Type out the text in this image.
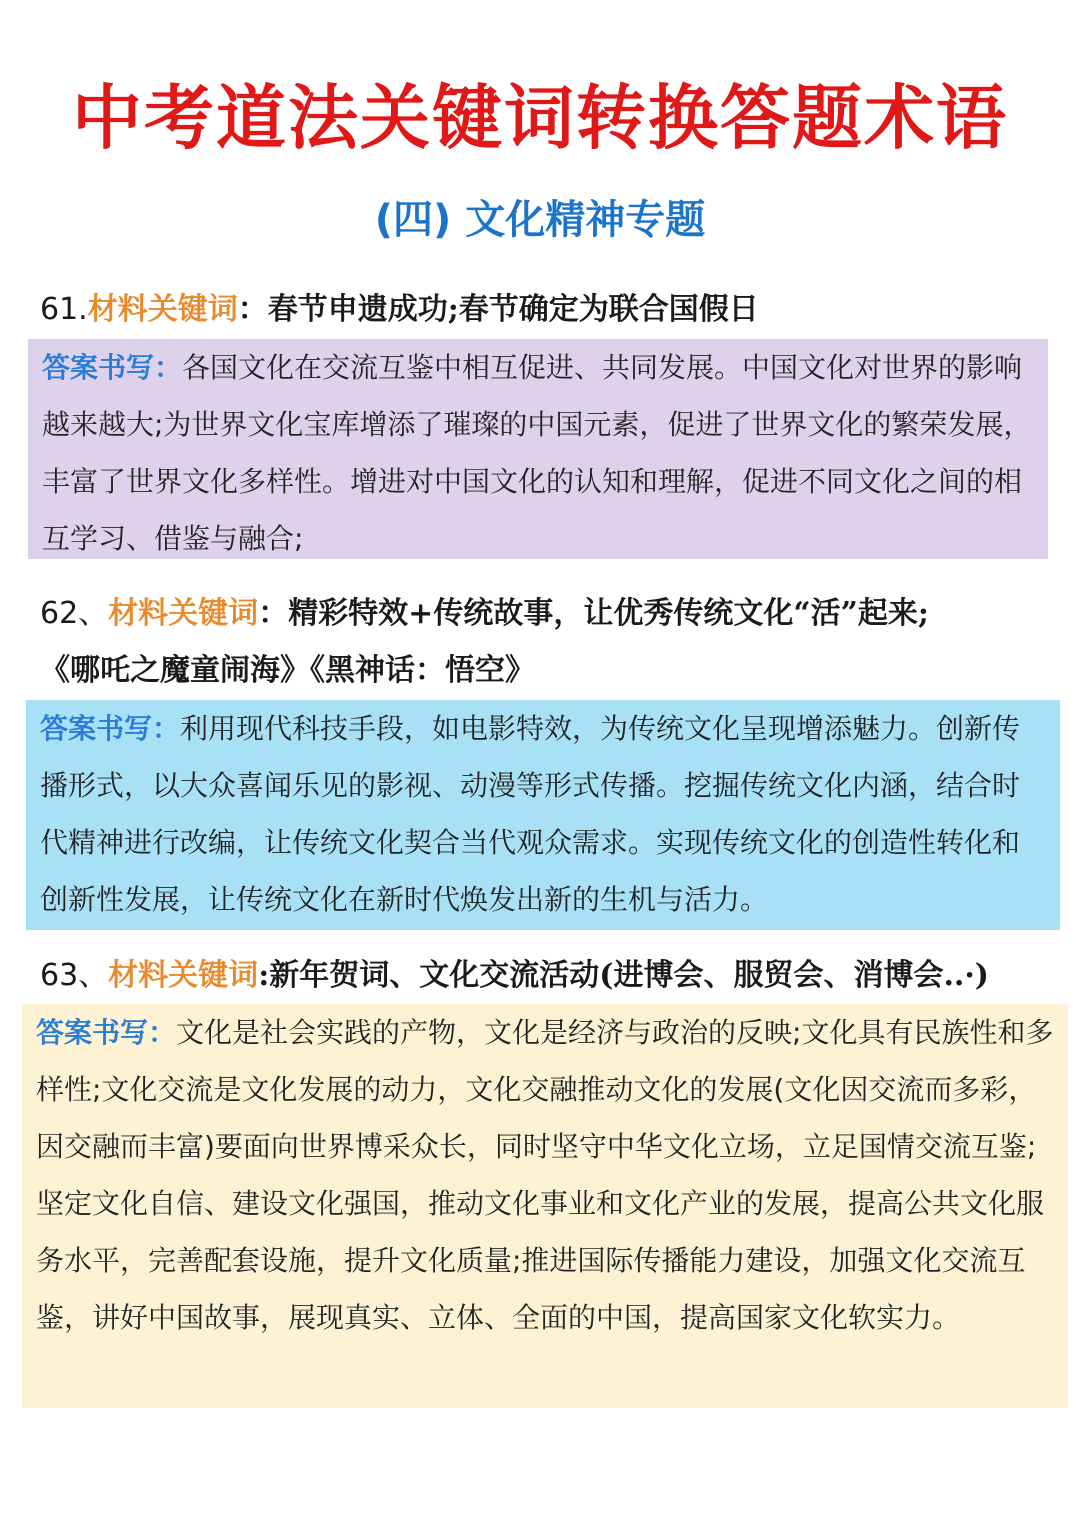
中考道法关键词转换答题术语
(四) 文化精神专题
61.材料关键词：春节申遗成功;春节确定为联合国假日
答案书写：各国文化在交流互鉴中相互促进、共同发展。中国文化对世界的影响越来越大;为世界文化宝库增添了璀璨的中国元素，促进了世界文化的繁荣发展，丰富了世界文化多样性。增进对中国文化的认知和理解，促进不同文化之间的相互学习、借鉴与融合;
62、材料关键词：精彩特效+传统故事，让优秀传统文化“活”起来;
《哪吒之魔童闹海》《黑神话：悟空》
答案书写：利用现代科技手段，如电影特效，为传统文化呈现增添魅力。创新传播形式，以大众喜闻乐见的影视、动漫等形式传播。挖掘传统文化内涵，结合时代精神进行改编，让传统文化契合当代观众需求。实现传统文化的创造性转化和创新性发展，让传统文化在新时代焕发出新的生机与活力。
63、材料关键词:新年贺词、文化交流活动(进博会、服贸会、消博会..·)
答案书写：文化是社会实践的产物，文化是经济与政治的反映;文化具有民族性和多样性;文化交流是文化发展的动力，文化交融推动文化的发展(文化因交流而多彩，因交融而丰富)要面向世界博采众长，同时坚守中华文化立场，立足国情交流互鉴;坚定文化自信、建设文化强国，推动文化事业和文化产业的发展，提高公共文化服务水平，完善配套设施，提升文化质量;推进国际传播能力建设，加强文化交流互鉴，讲好中国故事，展现真实、立体、全面的中国，提高国家文化软实力。
